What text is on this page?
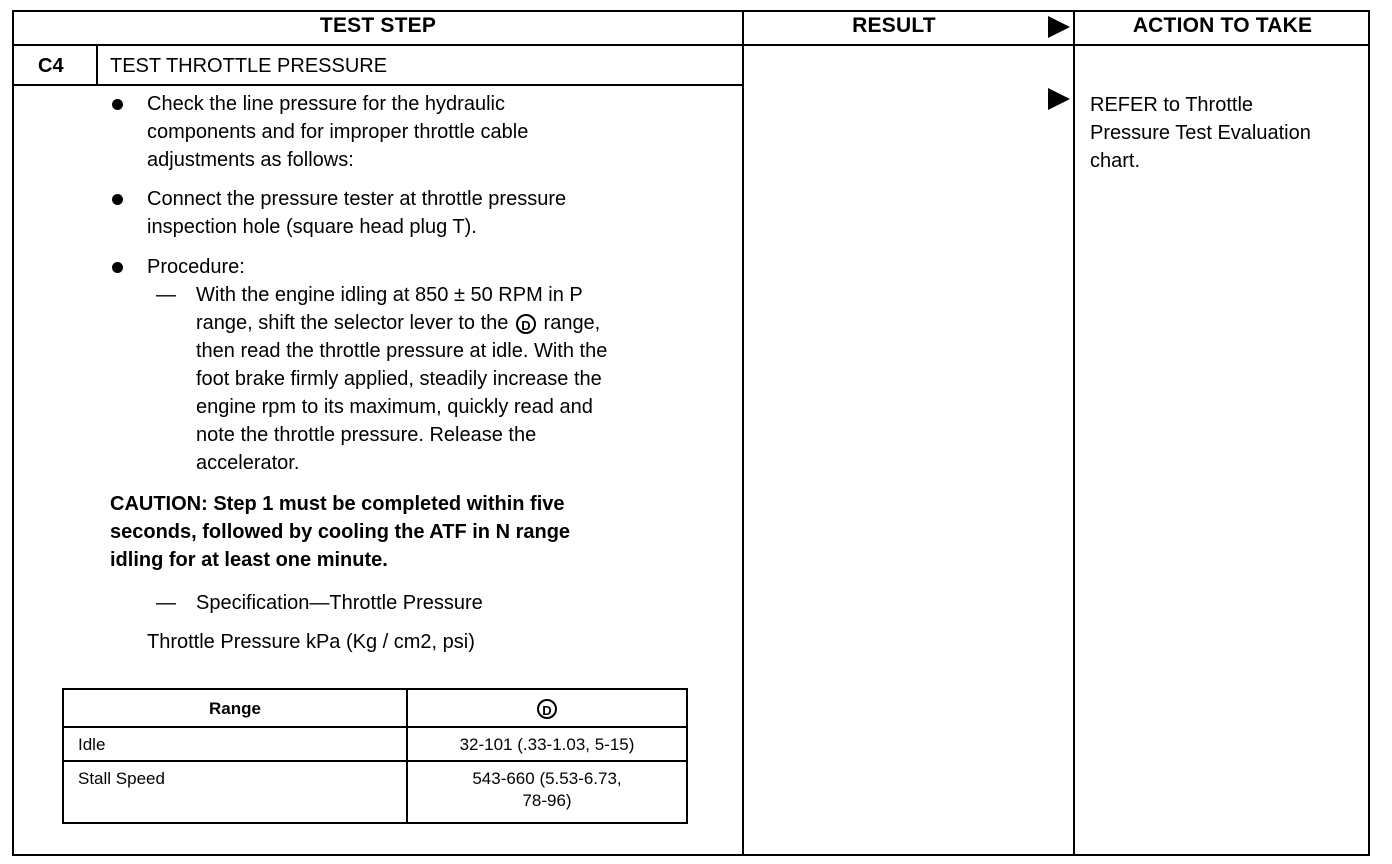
TEST STEP	RESULT	ACTION TO TAKE
C4 TEST THROTTLE PRESSURE
Check the line pressure for the hydraulic
components and for improper throttle cable
adjustments as follows:
Connect the pressure tester at throttle pressure
inspection hole (square head plug T).
Procedure:
— With the engine idling at 850 ± 50 RPM in P
range, shift the selector lever to the D range,
then read the throttle pressure at idle. With the
foot brake firmly applied, steadily increase the
engine rpm to its maximum, quickly read and
note the throttle pressure. Release the
accelerator.
CAUTION: Step 1 must be completed within five
seconds, followed by cooling the ATF in N range
idling for at least one minute.
— Specification—Throttle Pressure
Throttle Pressure kPa (Kg / cm2, psi)
Range	D
Idle	32-101 (.33-1.03, 5-15)
Stall Speed	543-660 (5.53-6.73,
78-96)
REFER to Throttle
Pressure Test Evaluation
chart.
